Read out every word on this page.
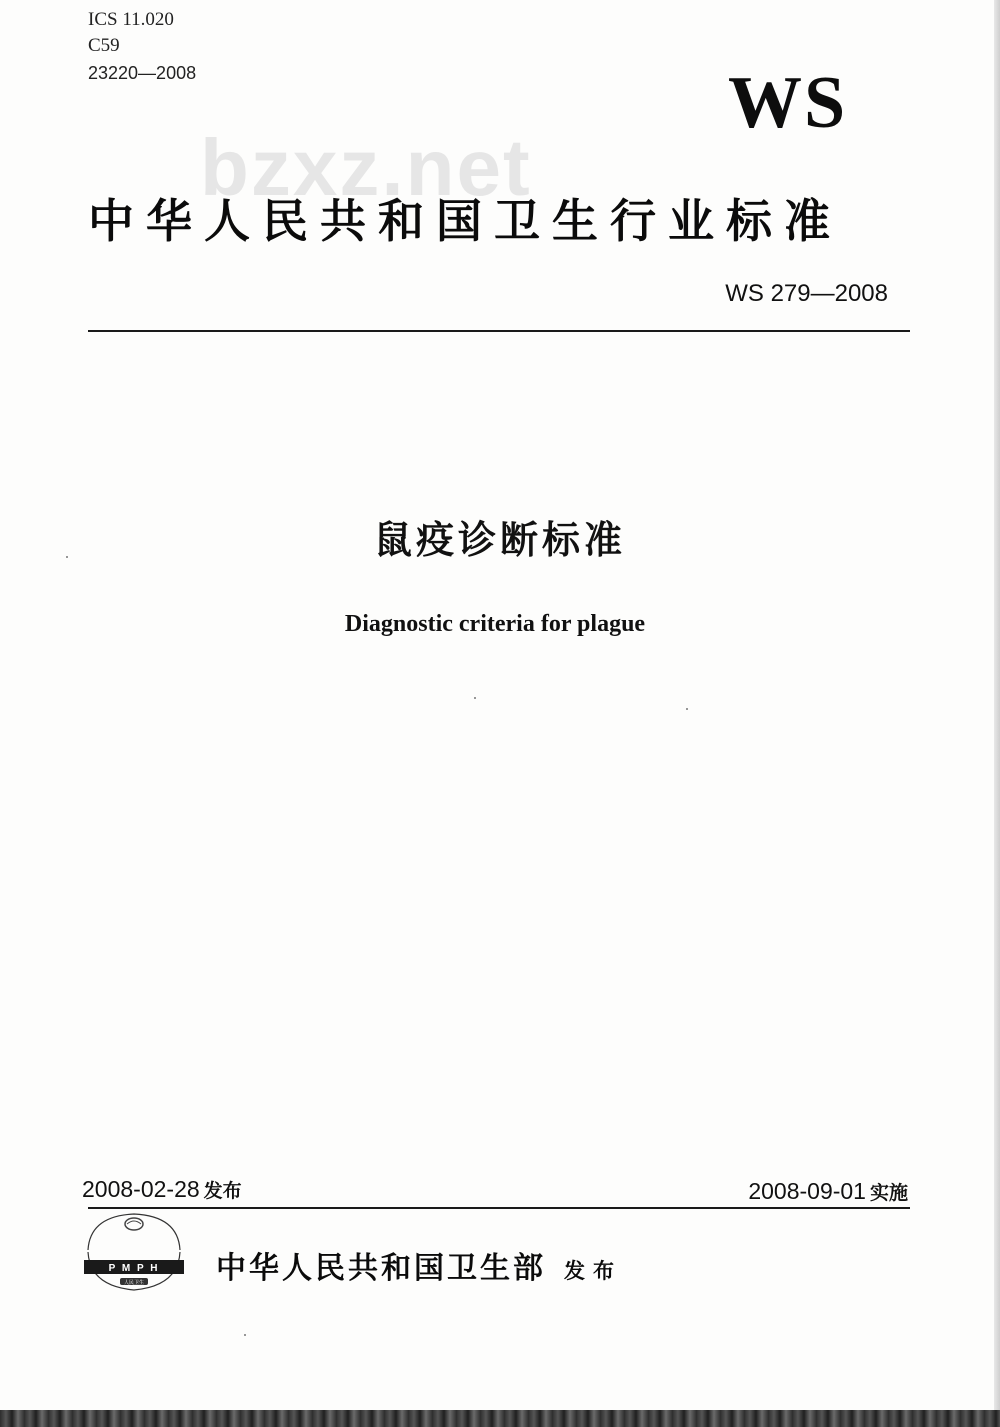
ICS 11.020
C59
23220—2008	WS
bzxz.net
中华人民共和国卫生行业标准
WS 279—2008
鼠疫诊断标准
Diagnostic criteria for plague
2008-02-28 发布	2008-09-01 实施
P M P H
人民卫生 中华人民共和国卫生部 发布
